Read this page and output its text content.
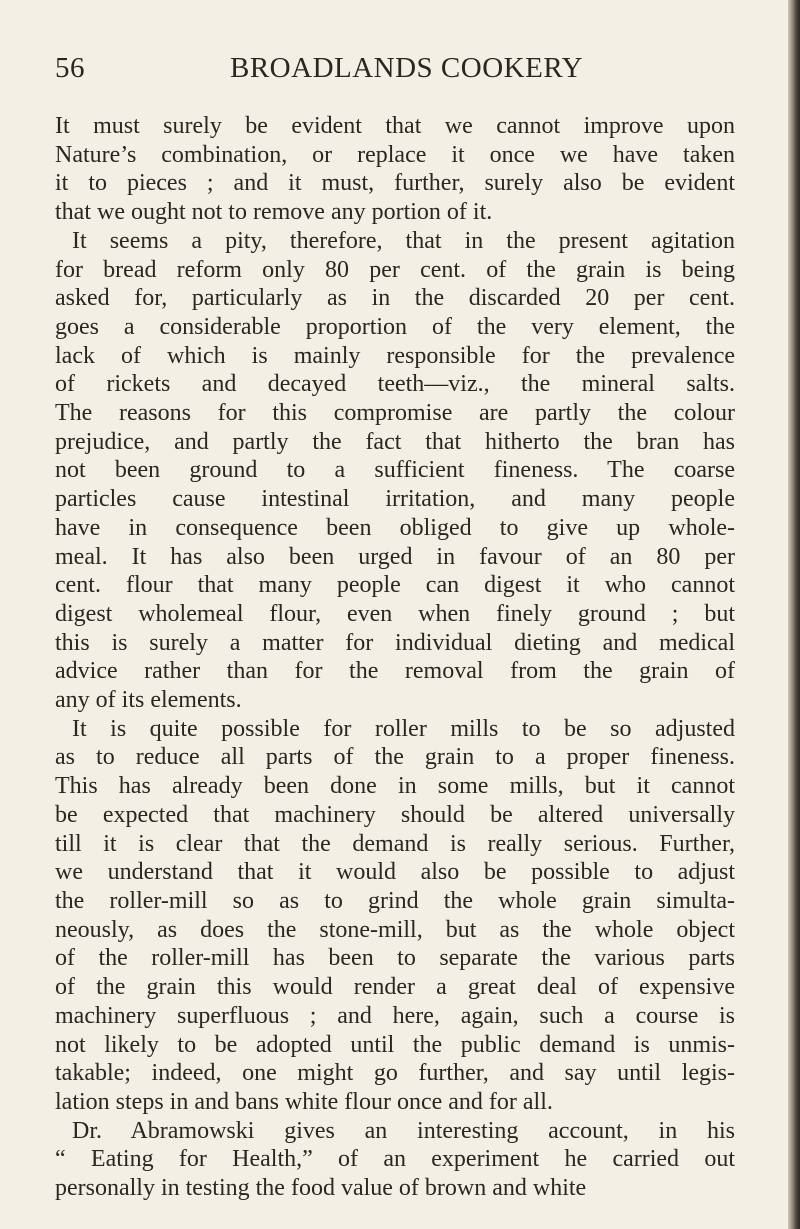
56	BROADLANDS COOKERY

It must surely be evident that we cannot improve upon

Nature’s combination, or replace it once we have taken

it to pieces ; and it must, further, surely also be evident

that we ought not to remove any portion of it.

It seems a pity, therefore, that in the present agitation

for bread reform only 80 per cent. of the grain is being

asked for, particularly as in the discarded 20 per cent.

goes a considerable proportion of the very element, the

lack of which is mainly responsible for the prevalence

of rickets and decayed teeth—viz., the mineral salts.

The reasons for this compromise are partly the colour

prejudice, and partly the fact that hitherto the bran has

not been ground to a sufficient fineness. The coarse

particles cause intestinal irritation, and many people

have in consequence been obliged to give up whole-

meal. It has also been urged in favour of an 80 per

cent. flour that many people can digest it who cannot

digest wholemeal flour, even when finely ground ; but

this is surely a matter for individual dieting and medical

advice rather than for the removal from the grain of

any of its elements.

It is quite possible for roller mills to be so adjusted

as to reduce all parts of the grain to a proper fineness.

This has already been done in some mills, but it cannot

be expected that machinery should be altered universally

till it is clear that the demand is really serious. Further,

we understand that it would also be possible to adjust

the roller-mill so as to grind the whole grain simulta-

neously, as does the stone-mill, but as the whole object

of the roller-mill has been to separate the various parts

of the grain this would render a great deal of expensive

machinery superfluous ; and here, again, such a course is

not likely to be adopted until the public demand is unmis-

takable; indeed, one might go further, and say until legis-

lation steps in and bans white flour once and for all.

Dr. Abramowski gives an interesting account, in his

“ Eating for Health,” of an experiment he carried out

personally in testing the food value of brown and white
